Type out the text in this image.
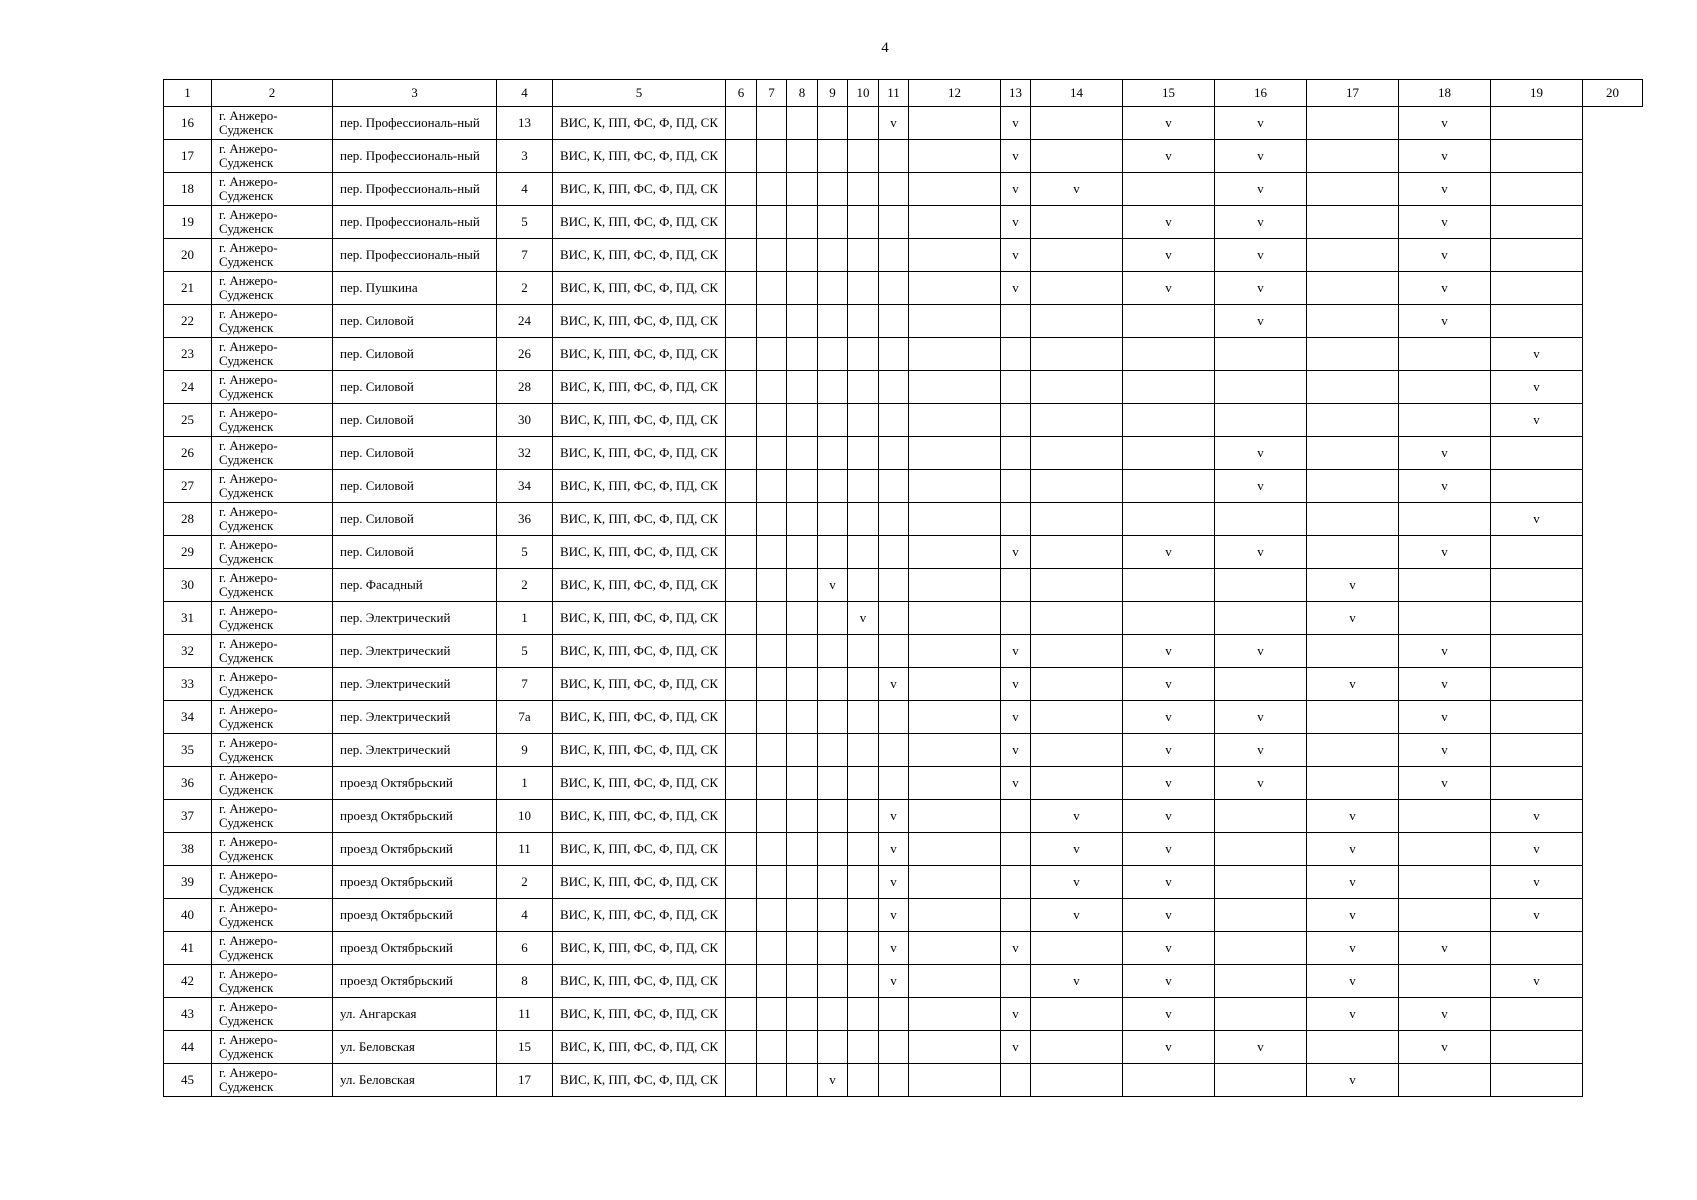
4
1	2	3	4	5	6	7	8	9	10	11	12	13	14	15	16	17	18	19	20
16	г. Анжеро-Судженск	пер. Профессиональ-ный	13	ВИС, К, ПП, ФС, Ф, ПД, СК						v		v		v	v		v		
17	г. Анжеро-Судженск	пер. Профессиональ-ный	3	ВИС, К, ПП, ФС, Ф, ПД, СК								v		v	v		v		
18	г. Анжеро-Судженск	пер. Профессиональ-ный	4	ВИС, К, ПП, ФС, Ф, ПД, СК								v	v		v		v		
19	г. Анжеро-Судженск	пер. Профессиональ-ный	5	ВИС, К, ПП, ФС, Ф, ПД, СК								v		v	v		v		
20	г. Анжеро-Судженск	пер. Профессиональ-ный	7	ВИС, К, ПП, ФС, Ф, ПД, СК								v		v	v		v		
21	г. Анжеро-Судженск	пер. Пушкина	2	ВИС, К, ПП, ФС, Ф, ПД, СК								v		v	v		v		
22	г. Анжеро-Судженск	пер. Силовой	24	ВИС, К, ПП, ФС, Ф, ПД, СК											v		v		
23	г. Анжеро-Судженск	пер. Силовой	26	ВИС, К, ПП, ФС, Ф, ПД, СК														v	
24	г. Анжеро-Судженск	пер. Силовой	28	ВИС, К, ПП, ФС, Ф, ПД, СК														v	
25	г. Анжеро-Судженск	пер. Силовой	30	ВИС, К, ПП, ФС, Ф, ПД, СК														v	
26	г. Анжеро-Судженск	пер. Силовой	32	ВИС, К, ПП, ФС, Ф, ПД, СК											v		v		
27	г. Анжеро-Судженск	пер. Силовой	34	ВИС, К, ПП, ФС, Ф, ПД, СК											v		v		
28	г. Анжеро-Судженск	пер. Силовой	36	ВИС, К, ПП, ФС, Ф, ПД, СК														v	
29	г. Анжеро-Судженск	пер. Силовой	5	ВИС, К, ПП, ФС, Ф, ПД, СК								v		v	v		v		
30	г. Анжеро-Судженск	пер. Фасадный	2	ВИС, К, ПП, ФС, Ф, ПД, СК				v								v			
31	г. Анжеро-Судженск	пер. Электрический	1	ВИС, К, ПП, ФС, Ф, ПД, СК					v							v			
32	г. Анжеро-Судженск	пер. Электрический	5	ВИС, К, ПП, ФС, Ф, ПД, СК								v		v	v		v		
33	г. Анжеро-Судженск	пер. Электрический	7	ВИС, К, ПП, ФС, Ф, ПД, СК						v		v		v		v	v		
34	г. Анжеро-Судженск	пер. Электрический	7а	ВИС, К, ПП, ФС, Ф, ПД, СК								v		v	v		v		
35	г. Анжеро-Судженск	пер. Электрический	9	ВИС, К, ПП, ФС, Ф, ПД, СК								v		v	v		v		
36	г. Анжеро-Судженск	проезд Октябрьский	1	ВИС, К, ПП, ФС, Ф, ПД, СК								v		v	v		v		
37	г. Анжеро-Судженск	проезд Октябрьский	10	ВИС, К, ПП, ФС, Ф, ПД, СК						v			v	v		v		v	
38	г. Анжеро-Судженск	проезд Октябрьский	11	ВИС, К, ПП, ФС, Ф, ПД, СК						v			v	v		v		v	
39	г. Анжеро-Судженск	проезд Октябрьский	2	ВИС, К, ПП, ФС, Ф, ПД, СК						v			v	v		v		v	
40	г. Анжеро-Судженск	проезд Октябрьский	4	ВИС, К, ПП, ФС, Ф, ПД, СК						v			v	v		v		v	
41	г. Анжеро-Судженск	проезд Октябрьский	6	ВИС, К, ПП, ФС, Ф, ПД, СК						v		v		v		v	v		
42	г. Анжеро-Судженск	проезд Октябрьский	8	ВИС, К, ПП, ФС, Ф, ПД, СК						v			v	v		v		v	
43	г. Анжеро-Судженск	ул. Ангарская	11	ВИС, К, ПП, ФС, Ф, ПД, СК								v		v		v	v		
44	г. Анжеро-Судженск	ул. Беловская	15	ВИС, К, ПП, ФС, Ф, ПД, СК								v		v	v		v		
45	г. Анжеро-Судженск	ул. Беловская	17	ВИС, К, ПП, ФС, Ф, ПД, СК				v								v			
